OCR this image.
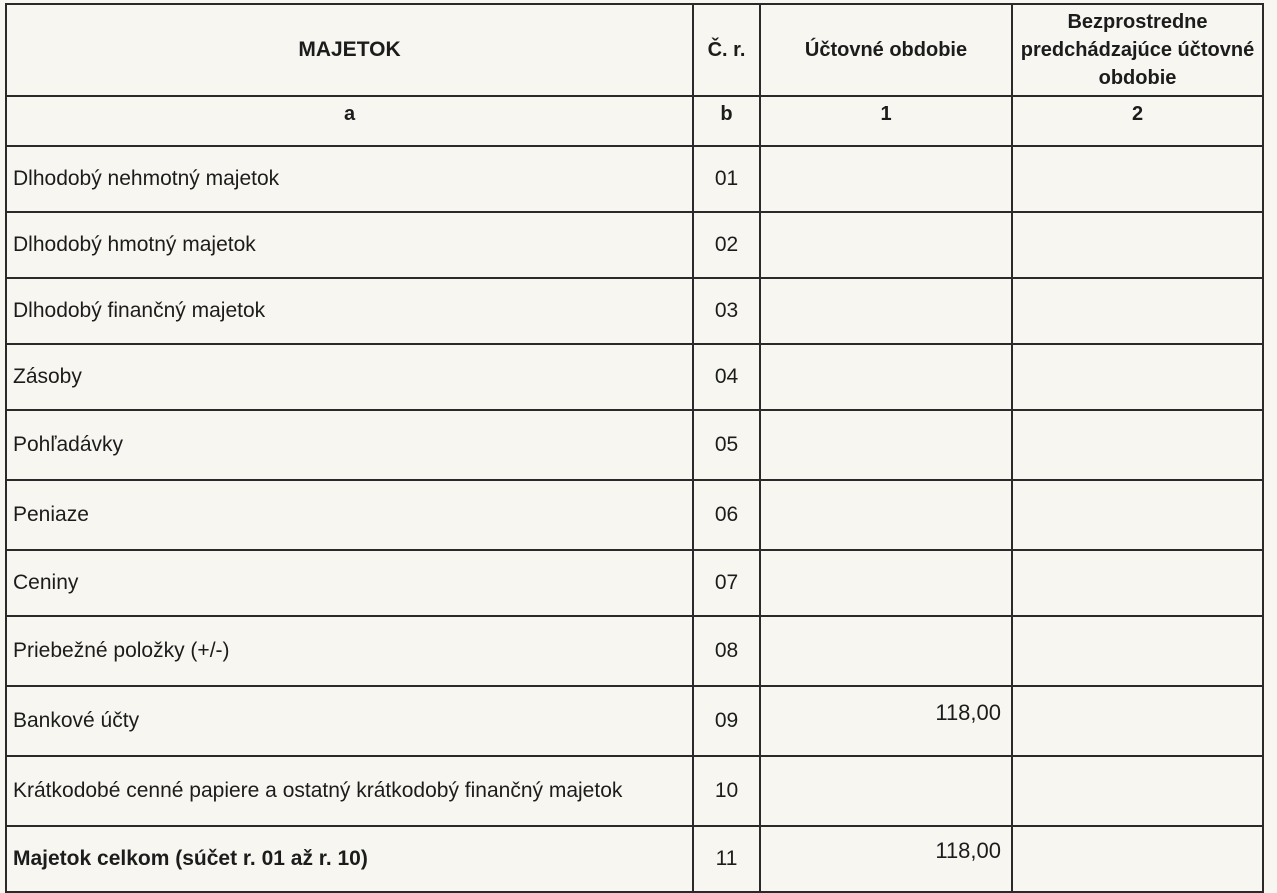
MAJETOK	Č. r.	Účtovné obdobie	Bezprostredne predchádzajúce účtovné obdobie
a	b	1	2
Dlhodobý nehmotný majetok	01		
Dlhodobý hmotný majetok	02		
Dlhodobý finančný majetok	03		
Zásoby	04		
Pohľadávky	05		
Peniaze	06		
Ceniny	07		
Priebežné položky (+/-)	08		
Bankové účty	09	118,00	
Krátkodobé cenné papiere a ostatný krátkodobý finančný majetok	10		
Majetok celkom (súčet r. 01 až r. 10)	11	118,00	
